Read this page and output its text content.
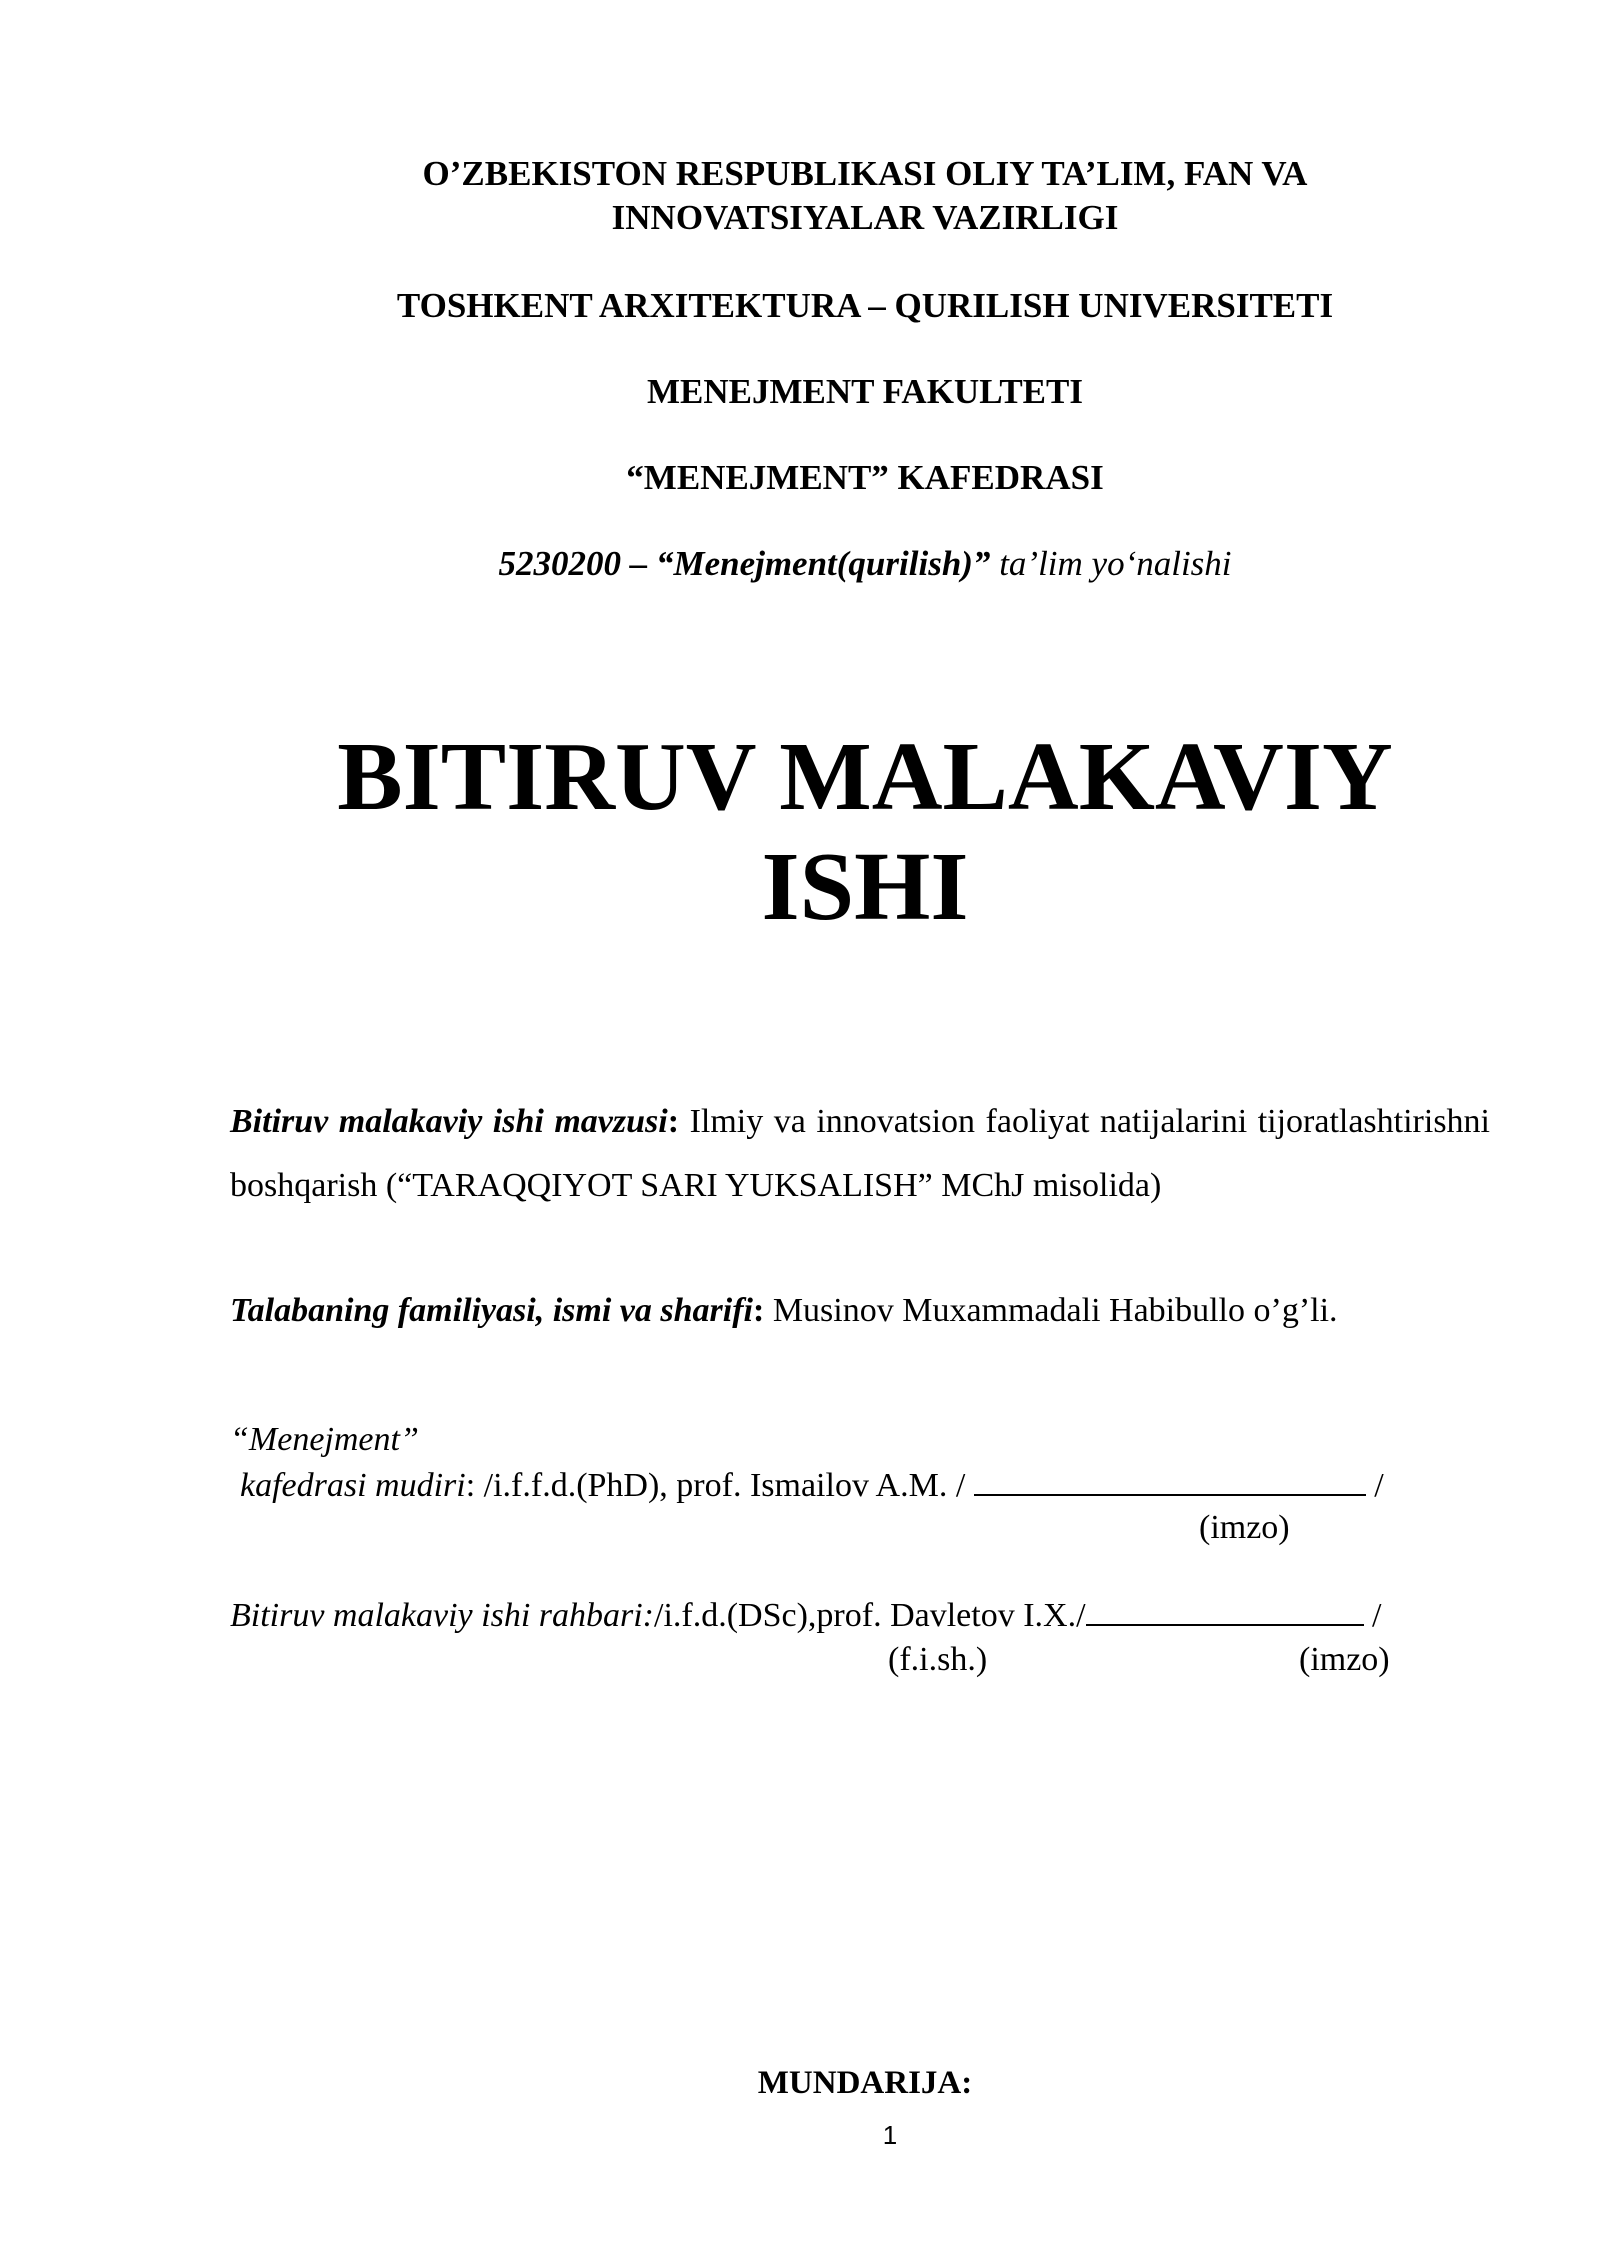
O’ZBEKISTON RESPUBLIKASI OLIY TA’LIM, FAN VA
INNOVATSIYALAR VAZIRLIGI
TOSHKENT ARXITEKTURA – QURILISH UNIVERSITETI
MENEJMENT FAKULTETI
“MENEJMENT” KAFEDRASI
5230200 – “Menejment(qurilish)” ta’lim yo‘nalishi
BITIRUV MALAKAVIY
ISHI
Bitiruv malakaviy ishi mavzusi: Ilmiy va innovatsion faoliyat natijalarini tijoratlashtirishni boshqarish (“TARAQQIYOT SARI YUKSALISH” MChJ misolida)
Talabaning familiyasi, ismi va sharifi: Musinov Muxammadali Habibullo o’g’li.
“Menejment”
kafedrasi mudiri: /i.f.f.d.(PhD), prof. Ismailov A.M. /	/
(imzo)
Bitiruv malakaviy ishi rahbari:/i.f.d.(DSc),prof. Davletov I.X./	/
(f.i.sh.)	(imzo)
MUNDARIJA:
1
